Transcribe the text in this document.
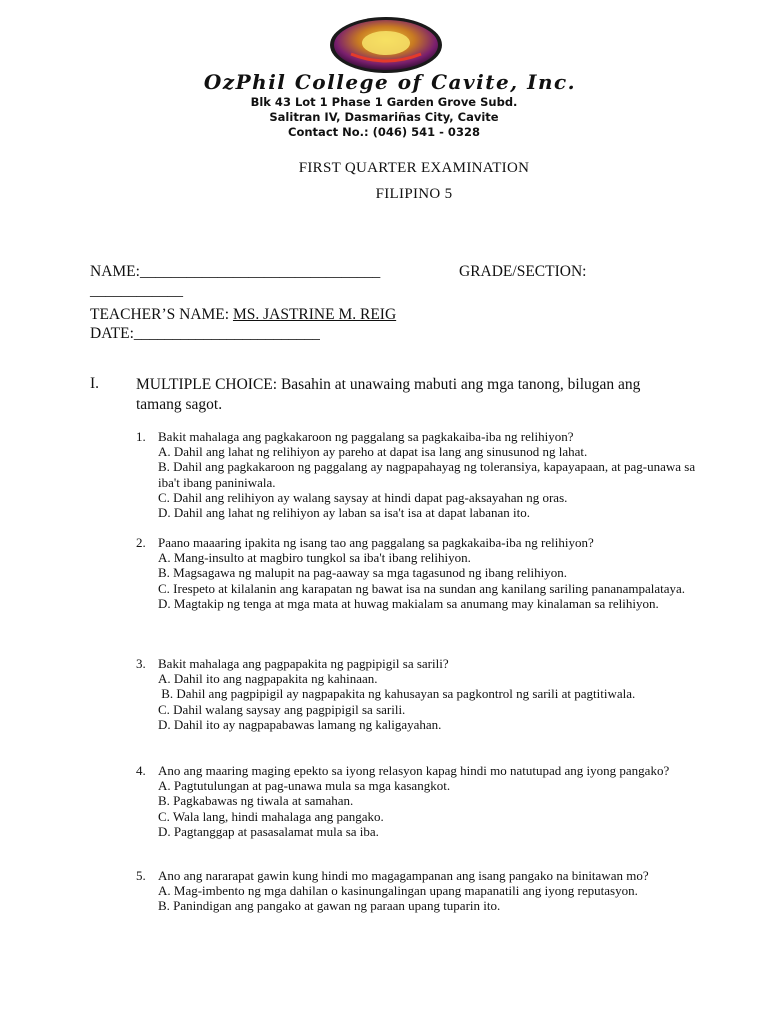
OzPhil College of Cavite, Inc.
Blk 43 Lot 1 Phase 1 Garden Grove Subd.
Salitran IV, Dasmariñas City, Cavite
Contact No.: (046) 541 - 0328
FIRST QUARTER EXAMINATION
FILIPINO 5
NAME:_______________________________	GRADE/SECTION:
____________
TEACHER’S NAME: MS. JASTRINE M. REIG
DATE:________________________
I. MULTIPLE CHOICE: Basahin at unawaing mabuti ang mga tanong, bilugan ang tamang sagot.
1. Bakit mahalaga ang pagkakaroon ng paggalang sa pagkakaiba-iba ng relihiyon?
A. Dahil ang lahat ng relihiyon ay pareho at dapat isa lang ang sinusunod ng lahat.
B. Dahil ang pagkakaroon ng paggalang ay nagpapahayag ng toleransiya, kapayapaan, at pag-unawa sa iba't ibang paniniwala.
C. Dahil ang relihiyon ay walang saysay at hindi dapat pag-aksayahan ng oras.
D. Dahil ang lahat ng relihiyon ay laban sa isa't isa at dapat labanan ito.
2. Paano maaaring ipakita ng isang tao ang paggalang sa pagkakaiba-iba ng relihiyon?
A. Mang-insulto at magbiro tungkol sa iba't ibang relihiyon.
B. Magsagawa ng malupit na pag-aaway sa mga tagasunod ng ibang relihiyon.
C. Irespeto at kilalanin ang karapatan ng bawat isa na sundan ang kanilang sariling pananampalataya.
D. Magtakip ng tenga at mga mata at huwag makialam sa anumang may kinalaman sa relihiyon.
3. Bakit mahalaga ang pagpapakita ng pagpipigil sa sarili?
A. Dahil ito ang nagpapakita ng kahinaan.
B. Dahil ang pagpipigil ay nagpapakita ng kahusayan sa pagkontrol ng sarili at pagtitiwala.
C. Dahil walang saysay ang pagpipigil sa sarili.
D. Dahil ito ay nagpapabawas lamang ng kaligayahan.
4. Ano ang maaring maging epekto sa iyong relasyon kapag hindi mo natutupad ang iyong pangako?
A. Pagtutulungan at pag-unawa mula sa mga kasangkot.
B. Pagkabawas ng tiwala at samahan.
C. Wala lang, hindi mahalaga ang pangako.
D. Pagtanggap at pasasalamat mula sa iba.
5. Ano ang nararapat gawin kung hindi mo magagampanan ang isang pangako na binitawan mo?
A. Mag-imbento ng mga dahilan o kasinungalingan upang mapanatili ang iyong reputasyon.
B. Panindigan ang pangako at gawan ng paraan upang tuparin ito.
